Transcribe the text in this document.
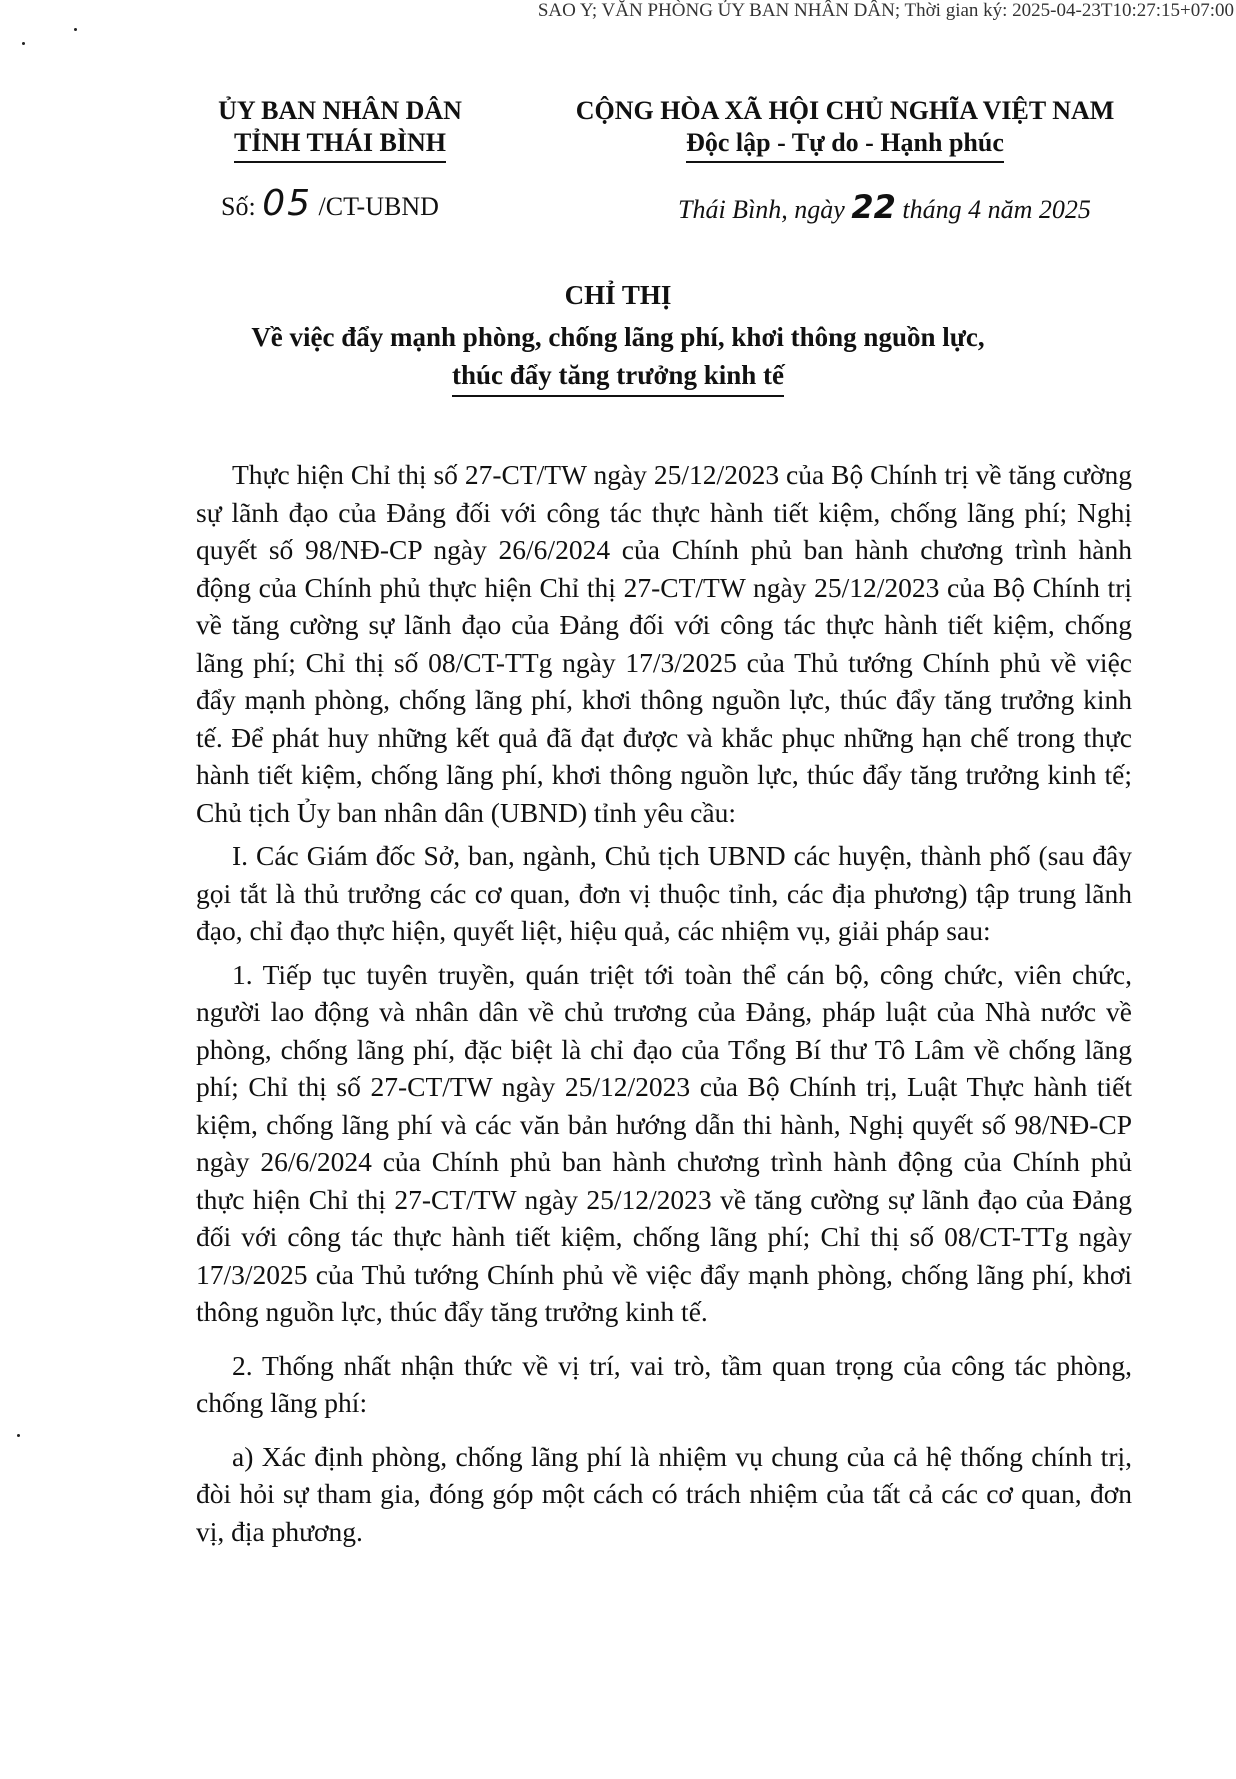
SAO Y; VĂN PHÒNG ỦY BAN NHÂN DÂN; Thời gian ký: 2025-04-23T10:27:15+07:00
ỦY BAN NHÂN DÂN
TỈNH THÁI BÌNH
CỘNG HÒA XÃ HỘI CHỦ NGHĨA VIỆT NAM
Độc lập - Tự do - Hạnh phúc
Số: 05 /CT-UBND	Thái Bình, ngày 22 tháng 4 năm 2025
CHỈ THỊ
Về việc đẩy mạnh phòng, chống lãng phí, khơi thông nguồn lực,
thúc đẩy tăng trưởng kinh tế

Thực hiện Chỉ thị số 27-CT/TW ngày 25/12/2023 của Bộ Chính trị về tăng cường sự lãnh đạo của Đảng đối với công tác thực hành tiết kiệm, chống lãng phí; Nghị quyết số 98/NĐ-CP ngày 26/6/2024 của Chính phủ ban hành chương trình hành động của Chính phủ thực hiện Chỉ thị 27-CT/TW ngày 25/12/2023 của Bộ Chính trị về tăng cường sự lãnh đạo của Đảng đối với công tác thực hành tiết kiệm, chống lãng phí; Chỉ thị số 08/CT-TTg ngày 17/3/2025 của Thủ tướng Chính phủ về việc đẩy mạnh phòng, chống lãng phí, khơi thông nguồn lực, thúc đẩy tăng trưởng kinh tế. Để phát huy những kết quả đã đạt được và khắc phục những hạn chế trong thực hành tiết kiệm, chống lãng phí, khơi thông nguồn lực, thúc đẩy tăng trưởng kinh tế; Chủ tịch Ủy ban nhân dân (UBND) tỉnh yêu cầu:

I. Các Giám đốc Sở, ban, ngành, Chủ tịch UBND các huyện, thành phố (sau đây gọi tắt là thủ trưởng các cơ quan, đơn vị thuộc tỉnh, các địa phương) tập trung lãnh đạo, chỉ đạo thực hiện, quyết liệt, hiệu quả, các nhiệm vụ, giải pháp sau:

1. Tiếp tục tuyên truyền, quán triệt tới toàn thể cán bộ, công chức, viên chức, người lao động và nhân dân về chủ trương của Đảng, pháp luật của Nhà nước về phòng, chống lãng phí, đặc biệt là chỉ đạo của Tổng Bí thư Tô Lâm về chống lãng phí; Chỉ thị số 27-CT/TW ngày 25/12/2023 của Bộ Chính trị, Luật Thực hành tiết kiệm, chống lãng phí và các văn bản hướng dẫn thi hành, Nghị quyết số 98/NĐ-CP ngày 26/6/2024 của Chính phủ ban hành chương trình hành động của Chính phủ thực hiện Chỉ thị 27-CT/TW ngày 25/12/2023 về tăng cường sự lãnh đạo của Đảng đối với công tác thực hành tiết kiệm, chống lãng phí; Chỉ thị số 08/CT-TTg ngày 17/3/2025 của Thủ tướng Chính phủ về việc đẩy mạnh phòng, chống lãng phí, khơi thông nguồn lực, thúc đẩy tăng trưởng kinh tế.

2. Thống nhất nhận thức về vị trí, vai trò, tầm quan trọng của công tác phòng, chống lãng phí:

a) Xác định phòng, chống lãng phí là nhiệm vụ chung của cả hệ thống chính trị, đòi hỏi sự tham gia, đóng góp một cách có trách nhiệm của tất cả các cơ quan, đơn vị, địa phương.
